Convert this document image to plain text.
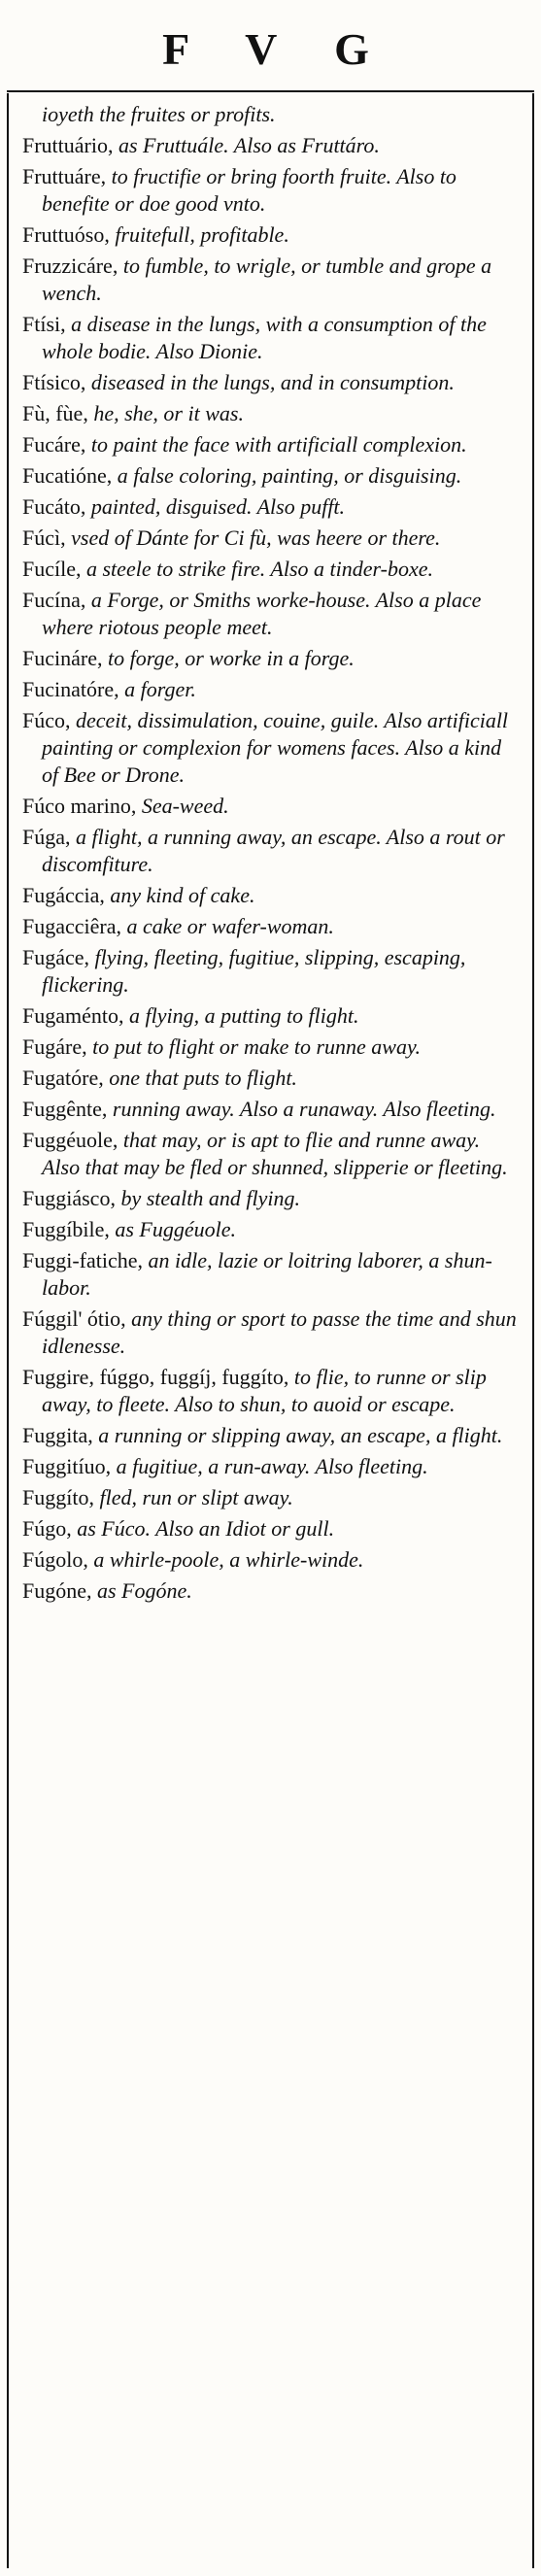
F V G
ioyeth the fruites or profits.
Fruttuário, as Fruttuále. Also as Fruttáro.
Fruttuáre, to fructifie or bring foorth fruite. Also to benefite or doe good vnto.
Fruttuóso, fruitefull, profitable.
Fruzzicáre, to fumble, to wrigle, or tumble and grope a wench.
Ftísi, a disease in the lungs, with a consumption of the whole bodie. Also Dionie.
Ftísico, diseased in the lungs, and in consumption.
Fù, fùe, he, she, or it was.
Fucáre, to paint the face with artificiall complexion.
Fucatióne, a false coloring, painting, or disguising.
Fucáto, painted, disguised. Also pufft.
Fúcì, vsed of Dánte for Ci fù, was heere or there.
Fucíle, a steele to strike fire. Also a tinder-boxe.
Fucína, a Forge, or Smiths worke-house. Also a place where riotous people meet.
Fucináre, to forge, or worke in a forge.
Fucinatóre, a forger.
Fúco, deceit, dissimulation, couine, guile. Also artificiall painting or complexion for womens faces. Also a kind of Bee or Drone.
Fúco marino, Sea-weed.
Fúga, a flight, a running away, an escape. Also a rout or discomfiture.
Fugáccia, any kind of cake.
Fugacciêra, a cake or wafer-woman.
Fugáce, flying, fleeting, fugitiue, slipping, escaping, flickering.
Fugaménto, a flying, a putting to flight.
Fugáre, to put to flight or make to runne away.
Fugatóre, one that puts to flight.
Fuggênte, running away. Also a runaway. Also fleeting.
Fuggéuole, that may, or is apt to flie and runne away. Also that may be fled or shunned, slipperie or fleeting.
Fuggiásco, by stealth and flying.
Fuggíbile, as Fuggéuole.
Fuggi-fatiche, an idle, lazie or loitring laborer, a shun-labor.
Fúggil' ótio, any thing or sport to passe the time and shun idlenesse.
Fuggire, fúggo, fuggíj, fuggíto, to flie, to runne or slip away, to fleete. Also to shun, to auoid or escape.
Fuggita, a running or slipping away, an escape, a flight.
Fuggitíuo, a fugitiue, a run-away. Also fleeting.
Fuggíto, fled, run or slipt away.
Fúgo, as Fúco. Also an Idiot or gull.
Fúgolo, a whirle-poole, a whirle-winde.
Fugóne, as Fogóne.
